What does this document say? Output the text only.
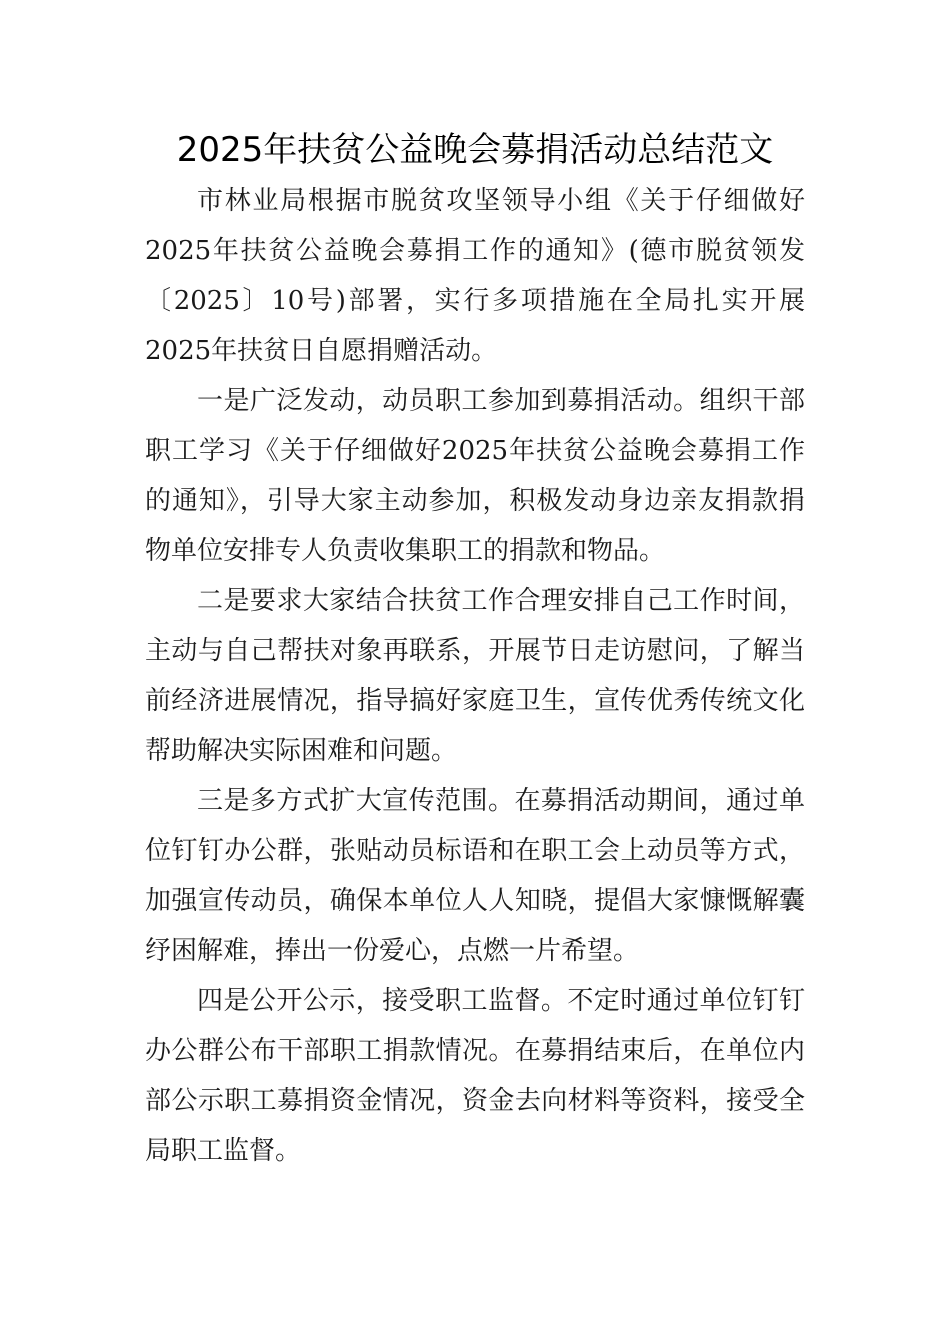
2025年扶贫公益晚会募捐活动总结范文

市林业局根据市脱贫攻坚领导小组《关于仔细做好2025年扶贫公益晚会募捐工作的通知》(德市脱贫领发〔2025〕10号)部署，实行多项措施在全局扎实开展2025年扶贫日自愿捐赠活动。

一是广泛发动，动员职工参加到募捐活动。组织干部职工学习《关于仔细做好2025年扶贫公益晚会募捐工作的通知》，引导大家主动参加，积极发动身边亲友捐款捐物单位安排专人负责收集职工的捐款和物品。

二是要求大家结合扶贫工作合理安排自己工作时间，主动与自己帮扶对象再联系，开展节日走访慰问，了解当前经济进展情况，指导搞好家庭卫生，宣传优秀传统文化帮助解决实际困难和问题。

三是多方式扩大宣传范围。在募捐活动期间，通过单位钉钉办公群，张贴动员标语和在职工会上动员等方式，加强宣传动员，确保本单位人人知晓，提倡大家慷慨解囊纾困解难，捧出一份爱心，点燃一片希望。

四是公开公示，接受职工监督。不定时通过单位钉钉办公群公布干部职工捐款情况。在募捐结束后，在单位内部公示职工募捐资金情况，资金去向材料等资料，接受全局职工监督。
